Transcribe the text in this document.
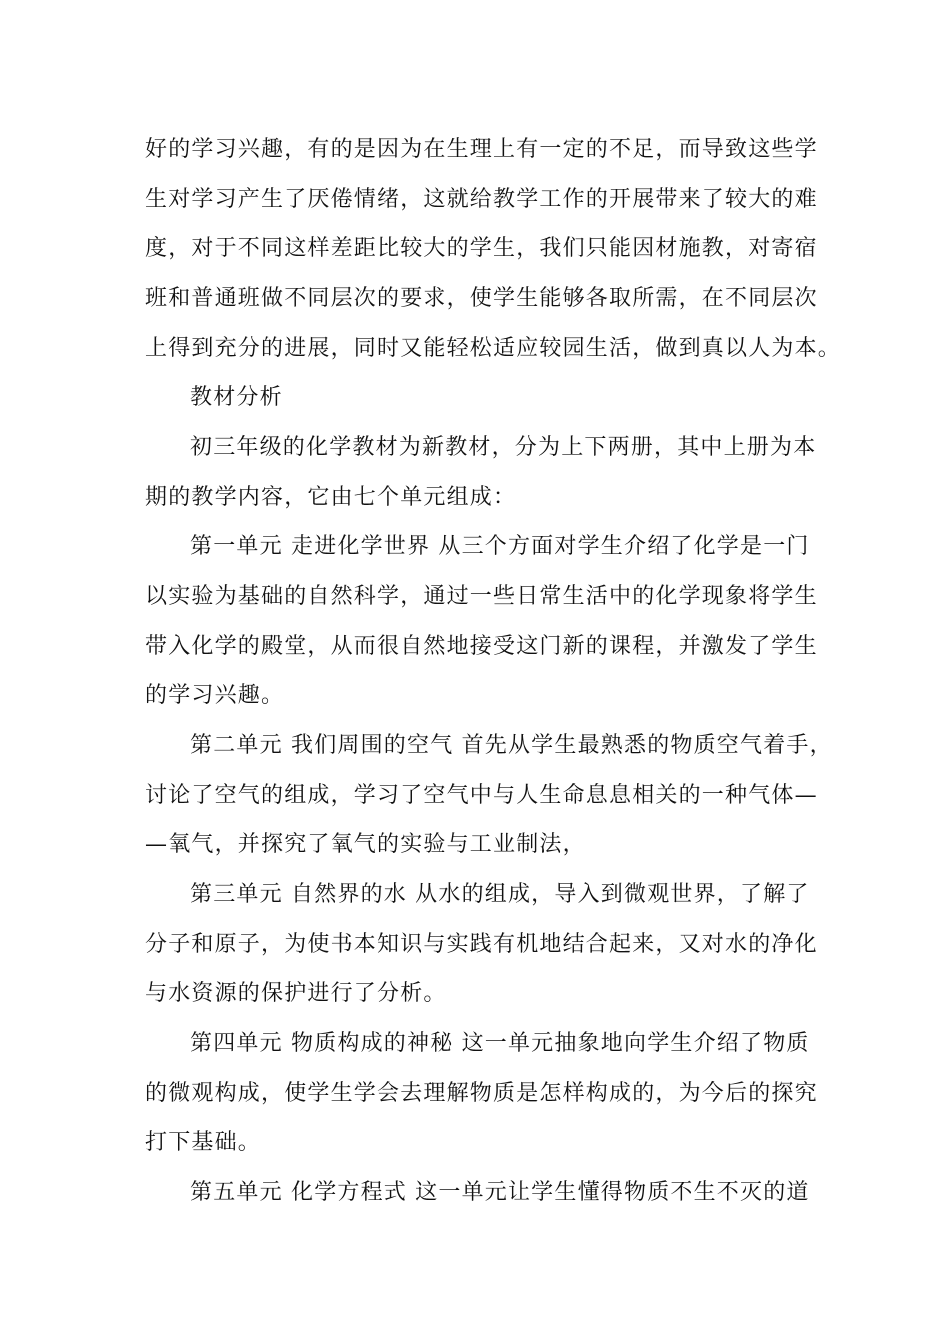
好的学习兴趣，有的是因为在生理上有一定的不足，而导致这些学
生对学习产生了厌倦情绪，这就给教学工作的开展带来了较大的难
度，对于不同这样差距比较大的学生，我们只能因材施教，对寄宿
班和普通班做不同层次的要求，使学生能够各取所需，在不同层次
上得到充分的进展，同时又能轻松适应较园生活，做到真以人为本。
教材分析
初三年级的化学教材为新教材，分为上下两册，其中上册为本
期的教学内容，它由七个单元组成：
第一单元 走进化学世界 从三个方面对学生介绍了化学是一门
以实验为基础的自然科学，通过一些日常生活中的化学现象将学生
带入化学的殿堂，从而很自然地接受这门新的课程，并激发了学生
的学习兴趣。
第二单元 我们周围的空气 首先从学生最熟悉的物质空气着手，
讨论了空气的组成，学习了空气中与人生命息息相关的一种气体—
—氧气，并探究了氧气的实验与工业制法，
第三单元 自然界的水 从水的组成，导入到微观世界，了解了
分子和原子，为使书本知识与实践有机地结合起来，又对水的净化
与水资源的保护进行了分析。
第四单元 物质构成的神秘 这一单元抽象地向学生介绍了物质
的微观构成，使学生学会去理解物质是怎样构成的，为今后的探究
打下基础。
第五单元 化学方程式 这一单元让学生懂得物质不生不灭的道
